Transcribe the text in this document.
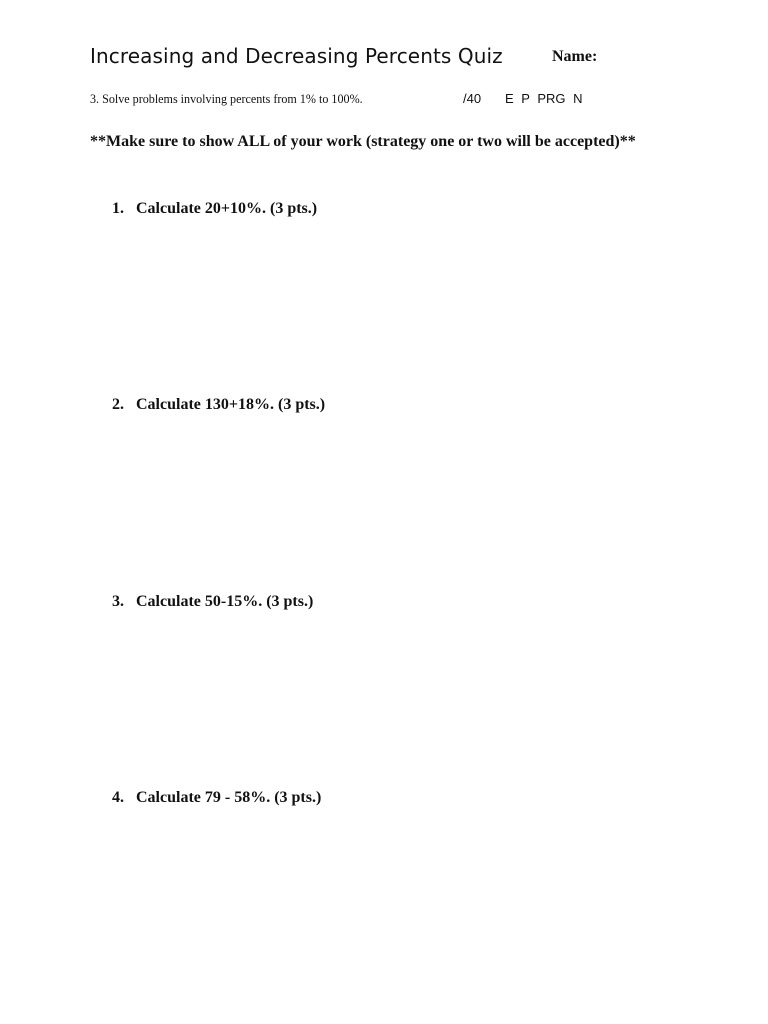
Increasing and Decreasing Percents Quiz	Name:
3. Solve problems involving percents from 1% to 100%.	/40 E P PRG N
**Make sure to show ALL of your work (strategy one or two will be accepted)**
1. Calculate 20+10%. (3 pts.)
2. Calculate 130+18%. (3 pts.)
3. Calculate 50-15%. (3 pts.)
4. Calculate 79 - 58%. (3 pts.)
